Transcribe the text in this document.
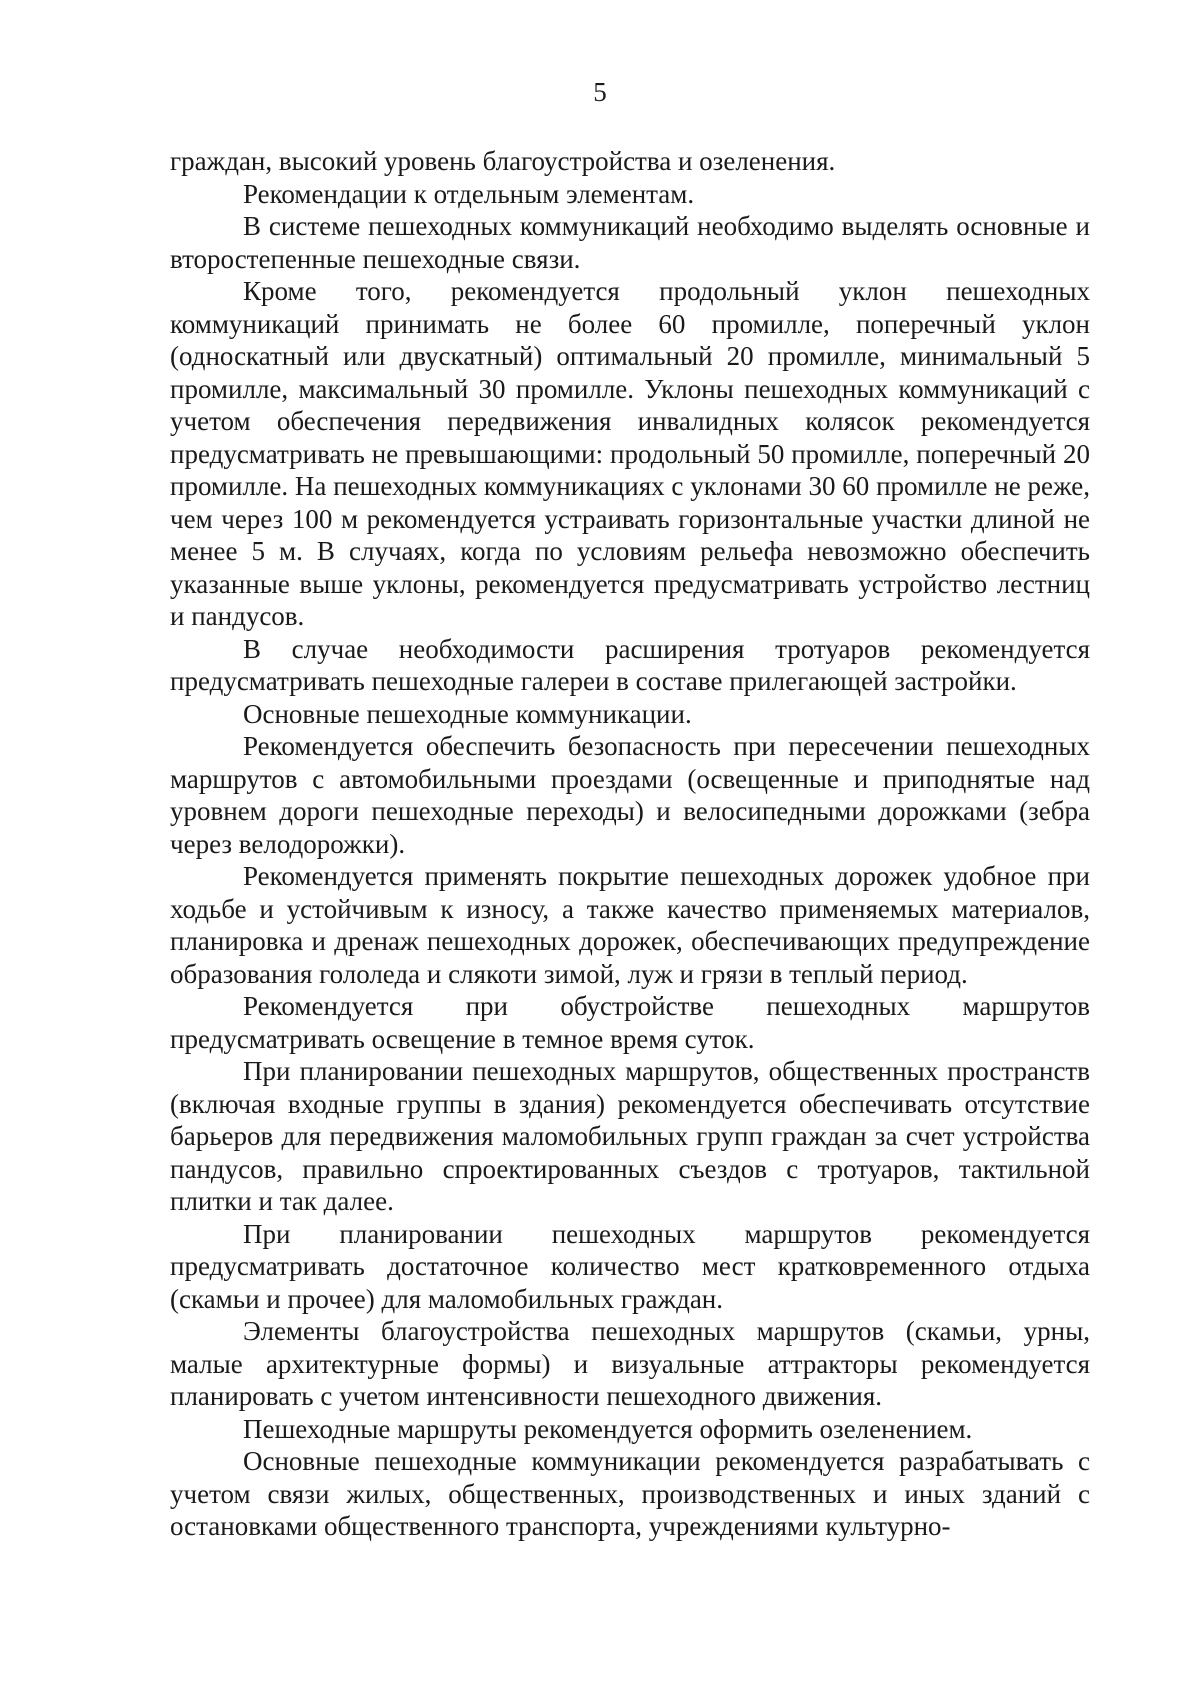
5

граждан, высокий уровень благоустройства и озеленения.

Рекомендации к отдельным элементам.

В системе пешеходных коммуникаций необходимо выделять основные и второстепенные пешеходные связи.

Кроме того, рекомендуется продольный уклон пешеходных коммуникаций принимать не более 60 промилле, поперечный уклон (односкатный или двускатный) оптимальный 20 промилле, минимальный 5 промилле, максимальный 30 промилле. Уклоны пешеходных коммуникаций с учетом обеспечения передвижения инвалидных колясок рекомендуется предусматривать не превышающими: продольный 50 промилле, поперечный 20 промилле. На пешеходных коммуникациях с уклонами 30 60 промилле не реже, чем через 100 м рекомендуется устраивать горизонтальные участки длиной не менее 5 м. В случаях, когда по условиям рельефа невозможно обеспечить указанные выше уклоны, рекомендуется предусматривать устройство лестниц и пандусов.

В случае необходимости расширения тротуаров рекомендуется предусматривать пешеходные галереи в составе прилегающей застройки.

Основные пешеходные коммуникации.

Рекомендуется обеспечить безопасность при пересечении пешеходных маршрутов с автомобильными проездами (освещенные и приподнятые над уровнем дороги пешеходные переходы) и велосипедными дорожками (зебра через велодорожки).

Рекомендуется применять покрытие пешеходных дорожек удобное при ходьбе и устойчивым к износу, а также качество применяемых материалов, планировка и дренаж пешеходных дорожек, обеспечивающих предупреждение образования гололеда и слякоти зимой, луж и грязи в теплый период.

Рекомендуется при обустройстве пешеходных маршрутов предусматривать освещение в темное время суток.

При планировании пешеходных маршрутов, общественных пространств (включая входные группы в здания) рекомендуется обеспечивать отсутствие барьеров для передвижения маломобильных групп граждан за счет устройства пандусов, правильно спроектированных съездов с тротуаров, тактильной плитки и так далее.

При планировании пешеходных маршрутов рекомендуется предусматривать достаточное количество мест кратковременного отдыха (скамьи и прочее) для маломобильных граждан.

Элементы благоустройства пешеходных маршрутов (скамьи, урны, малые архитектурные формы) и визуальные аттракторы рекомендуется планировать с учетом интенсивности пешеходного движения.

Пешеходные маршруты рекомендуется оформить озеленением.

Основные пешеходные коммуникации рекомендуется разрабатывать с учетом связи жилых, общественных, производственных и иных зданий с остановками общественного транспорта, учреждениями культурно-
